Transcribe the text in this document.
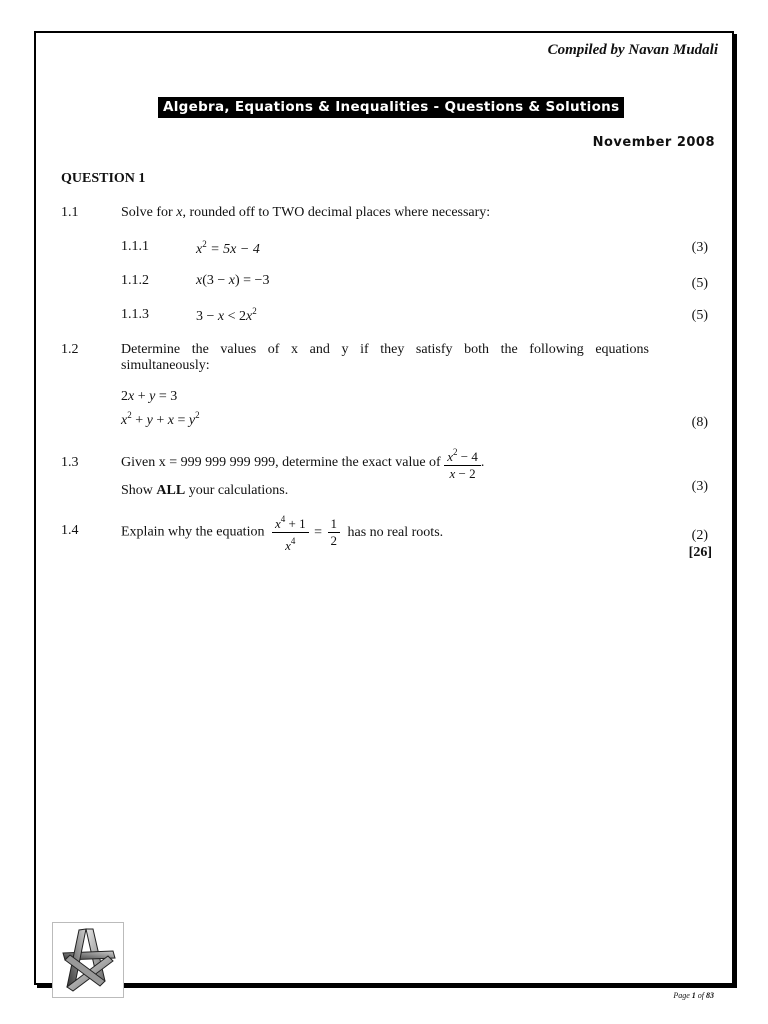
Compiled by Navan Mudali
Algebra, Equations & Inequalities - Questions & Solutions
November 2008
QUESTION 1
1.1	Solve for x, rounded off to TWO decimal places where necessary:
1.1.1	$x^2 = 5x - 4$	(3)
1.1.2	x(3 − x) = −3	(5)
1.1.3	$3 - x < 2x^2$	(5)
1.2	Determine the values of x and y if they satisfy both the following equations
simultaneously:
2x + y = 3
$x^2 + y + x = y^2$	(8)
1.3	Given x = 999 999 999 999, determine the exact value of $\frac{x^2 - 4}{x - 2}$ .
Show ALL your calculations.	(3)
1.4	Explain why the equation $\frac{x^4 + 1}{x^4} = \frac{1}{2}$ has no real roots.	(2)
[26]
Page 1 of 83
